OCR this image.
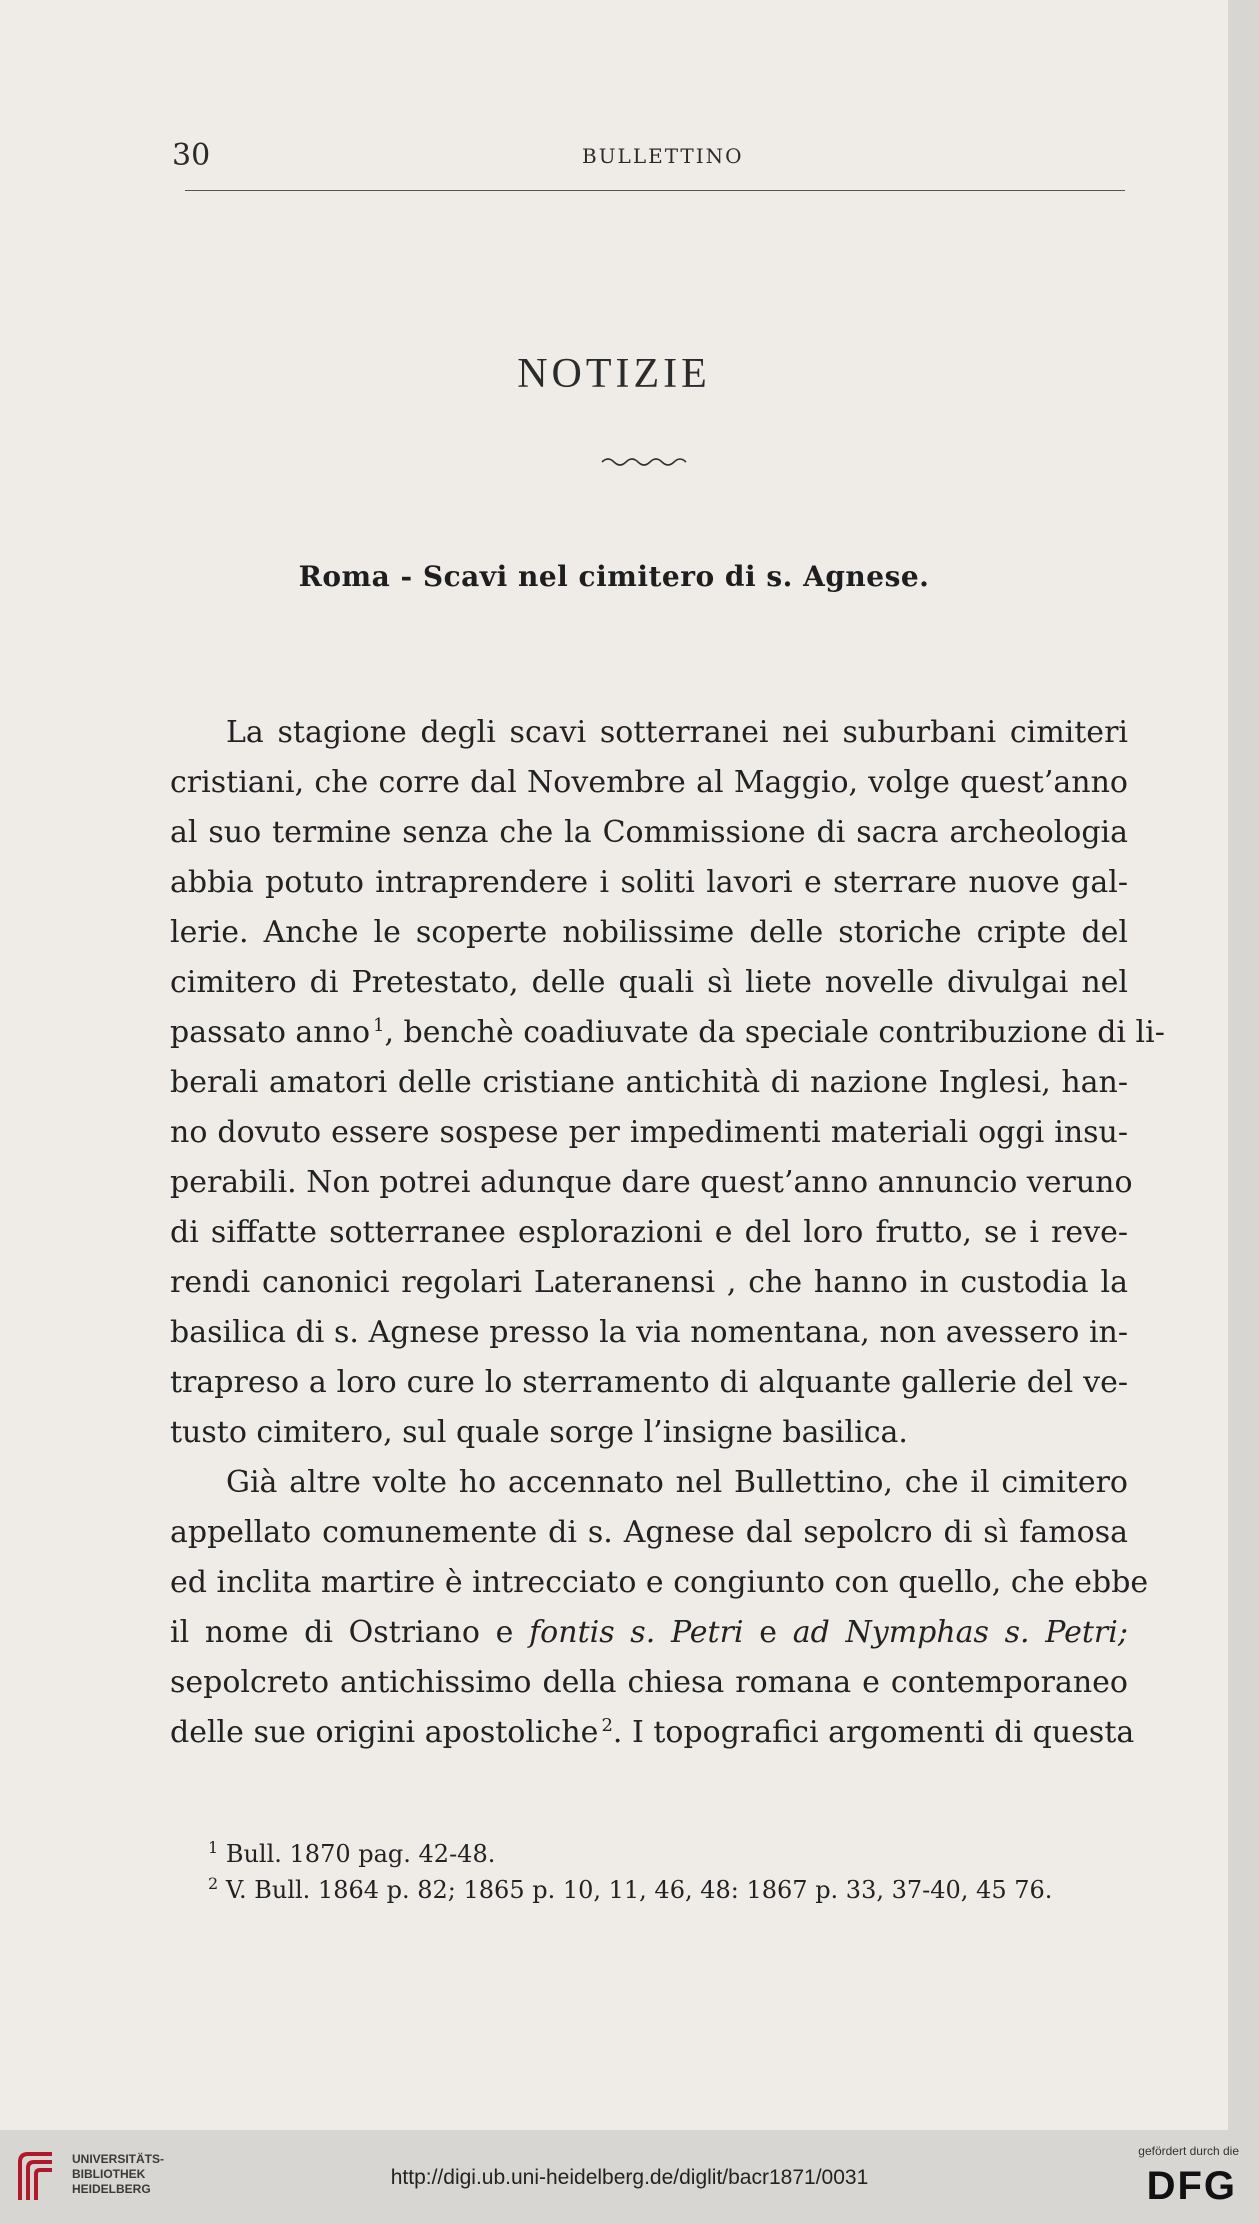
30	BULLETTINO
NOTIZIE
Roma - Scavi nel cimitero di s. Agnese.
La stagione degli scavi sotterranei nei suburbani cimiteri
cristiani, che corre dal Novembre al Maggio, volge quest’anno
al suo termine senza che la Commissione di sacra archeologia
abbia potuto intraprendere i soliti lavori e sterrare nuove gal-
lerie. Anche le scoperte nobilissime delle storiche cripte del
cimitero di Pretestato, delle quali sì liete novelle divulgai nel
passato anno  $^1$, benchè coadiuvate da speciale contribuzione di li-
berali amatori delle cristiane antichità di nazione Inglesi, han-
no dovuto essere sospese per impedimenti materiali oggi insu-
perabili. Non potrei adunque dare quest’anno annuncio veruno
di siffatte sotterranee esplorazioni e del loro frutto, se i reve-
rendi canonici regolari Lateranensi , che hanno in custodia la
basilica di s. Agnese presso la via nomentana, non avessero in-
trapreso a loro cure lo sterramento di alquante gallerie del ve-
tusto cimitero, sul quale sorge l’insigne basilica.
Già altre volte ho accennato nel Bullettino, che il cimitero
appellato comunemente di s. Agnese dal sepolcro di sì famosa
ed inclita martire è intrecciato e congiunto con quello, che ebbe
il nome di Ostriano e fontis s. Petri e ad Nymphas s. Petri;
sepolcreto antichissimo della chiesa romana e contemporaneo
delle sue origini apostoliche  $^2$. I topografici argomenti di questa
$^1$ Bull. 1870 pag. 42-48.
$^2$ V. Bull. 1864 p. 82; 1865 p. 10, 11, 46, 48: 1867 p. 33, 37-40, 45 76.
UNIVERSITÄTS-
BIBLIOTHEK
HEIDELBERG	http://digi.ub.uni-heidelberg.de/diglit/bacr1871/0031
gefördert durch die
DFG
